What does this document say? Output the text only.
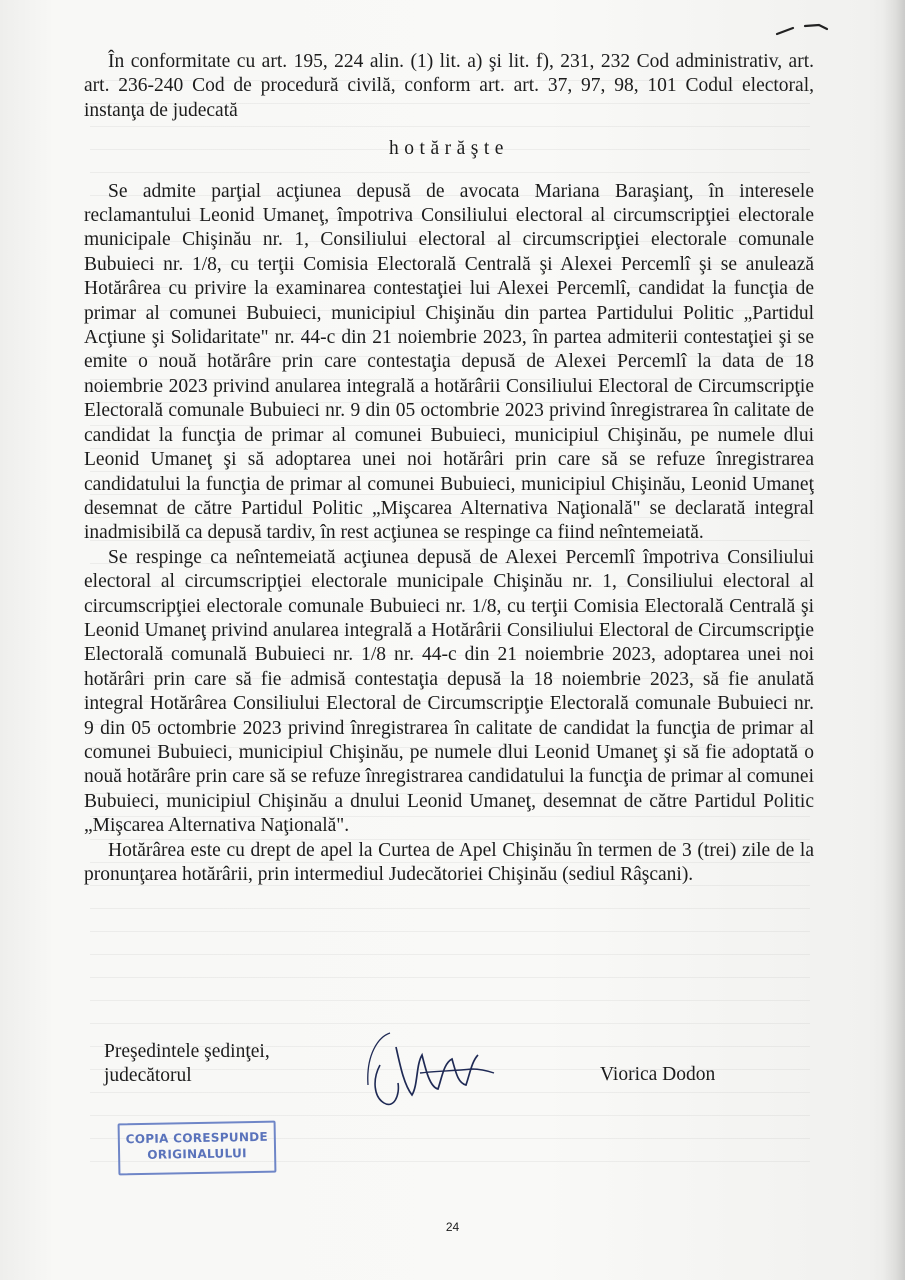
În conformitate cu art. 195, 224 alin. (1) lit. a) şi lit. f), 231, 232 Cod administrativ, art. art. 236-240 Cod de procedură civilă, conform art. art. 37, 97, 98, 101 Codul electoral, instanţa de judecată

hotărăşte

Se admite parţial acţiunea depusă de avocata Mariana Baraşianţ, în interesele reclamantului Leonid Umaneţ, împotriva Consiliului electoral al circumscripţiei electorale municipale Chişinău nr. 1, Consiliului electoral al circumscripţiei electorale comunale Bubuieci nr. 1/8, cu terţii Comisia Electorală Centrală şi Alexei Percemlî şi se anulează Hotărârea cu privire la examinarea contestaţiei lui Alexei Percemlî, candidat la funcţia de primar al comunei Bubuieci, municipiul Chişinău din partea Partidului Politic „Partidul Acţiune şi Solidaritate" nr. 44-c din 21 noiembrie 2023, în partea admiterii contestaţiei şi se emite o nouă hotărâre prin care contestaţia depusă de Alexei Percemlî la data de 18 noiembrie 2023 privind anularea integrală a hotărârii Consiliului Electoral de Circumscripţie Electorală comunale Bubuieci nr. 9 din 05 octombrie 2023 privind înregistrarea în calitate de candidat la funcţia de primar al comunei Bubuieci, municipiul Chişinău, pe numele dlui Leonid Umaneţ şi să adoptarea unei noi hotărâri prin care să se refuze înregistrarea candidatului la funcţia de primar al comunei Bubuieci, municipiul Chişinău, Leonid Umaneţ desemnat de către Partidul Politic „Mişcarea Alternativa Naţională" se declarată integral inadmisibilă ca depusă tardiv, în rest acţiunea se respinge ca fiind neîntemeiată.

Se respinge ca neîntemeiată acţiunea depusă de Alexei Percemlî împotriva Consiliului electoral al circumscripţiei electorale municipale Chişinău nr. 1, Consiliului electoral al circumscripţiei electorale comunale Bubuieci nr. 1/8, cu terţii Comisia Electorală Centrală şi Leonid Umaneţ privind anularea integrală a Hotărârii Consiliului Electoral de Circumscripţie Electorală comunală Bubuieci nr. 1/8 nr. 44-c din 21 noiembrie 2023, adoptarea unei noi hotărâri prin care să fie admisă contestaţia depusă la 18 noiembrie 2023, să fie anulată integral Hotărârea Consiliului Electoral de Circumscripţie Electorală comunale Bubuieci nr. 9 din 05 octombrie 2023 privind înregistrarea în calitate de candidat la funcţia de primar al comunei Bubuieci, municipiul Chişinău, pe numele dlui Leonid Umaneţ şi să fie adoptată o nouă hotărâre prin care să se refuze înregistrarea candidatului la funcţia de primar al comunei Bubuieci, municipiul Chişinău a dnului Leonid Umaneţ, desemnat de către Partidul Politic „Mişcarea Alternativa Naţională".

Hotărârea este cu drept de apel la Curtea de Apel Chişinău în termen de 3 (trei) zile de la pronunţarea hotărârii, prin intermediul Judecătoriei Chişinău (sediul Râşcani).

Preşedintele şedinţei,
judecătorul	Viorica Dodon
COPIA CORESPUNDE
ORIGINALULUI
24
